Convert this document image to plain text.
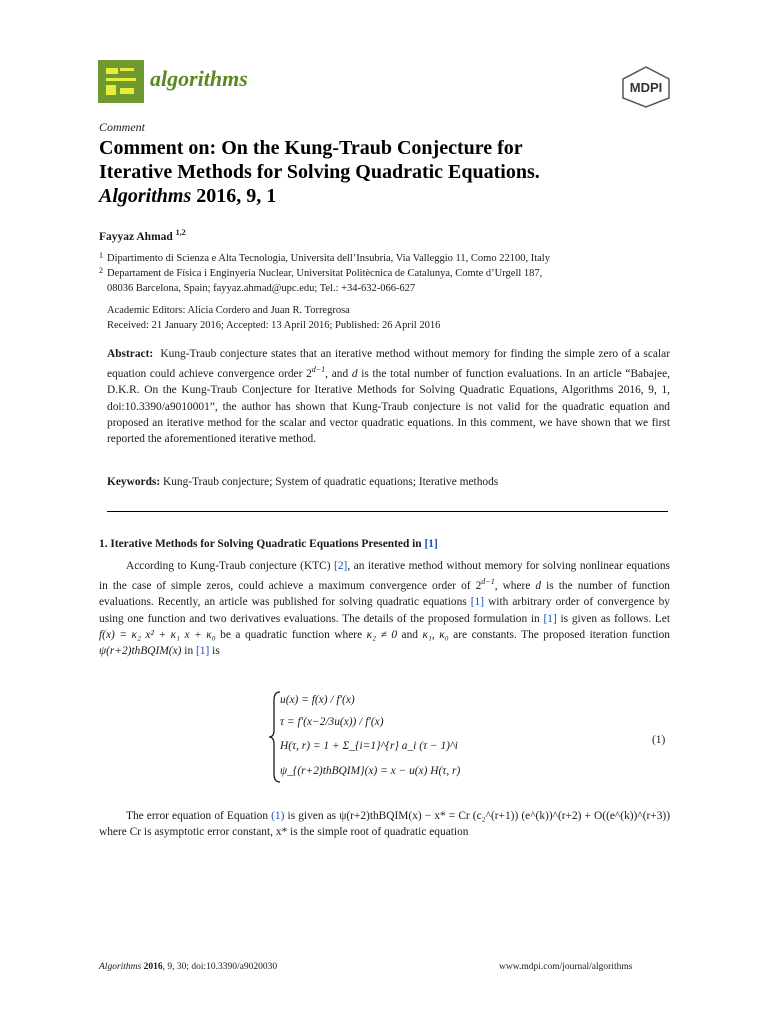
algorithms	MDPI
Comment
Comment on: On the Kung-Traub Conjecture for
Iterative Methods for Solving Quadratic Equations.
Algorithms 2016, 9, 1
Fayyaz Ahmad $^{1,2}$
1 Dipartimento di Scienza e Alta Tecnologia, Universita dell’Insubria, Via Valleggio 11, Como 22100, Italy
2 Departament de Física i Enginyeria Nuclear, Universitat Politècnica de Catalunya, Comte d’Urgell 187,
08036 Barcelona, Spain; fayyaz.ahmad@upc.edu; Tel.: +34-632-066-627
Academic Editors: Alicia Cordero and Juan R. Torregrosa
Received: 21 January 2016; Accepted: 13 April 2016; Published: 26 April 2016
Abstract: Kung-Traub conjecture states that an iterative method without memory for finding the simple zero of a scalar equation could achieve convergence order $2^{d-1}$, and d is the total number of function evaluations. In an article “Babajee, D.K.R. On the Kung-Traub Conjecture for Iterative Methods for Solving Quadratic Equations, Algorithms 2016, 9, 1, doi:10.3390/a9010001”, the author has shown that Kung-Traub conjecture is not valid for the quadratic equation and proposed an iterative method for the scalar and vector quadratic equations. In this comment, we have shown that we first reported the aforementioned iterative method.
Keywords: Kung-Traub conjecture; System of quadratic equations; Iterative methods
1. Iterative Methods for Solving Quadratic Equations Presented in [1]
According to Kung-Traub conjecture (KTC) [2], an iterative method without memory for solving nonlinear equations in the case of simple zeros, could achieve a maximum convergence order of $2^{d-1}$, where d is the number of function evaluations. Recently, an article was published for solving quadratic equations [1] with arbitrary order of convergence by using one function and two derivatives evaluations. The details of the proposed formulation in [1] is given as follows. Let f(x) = κ₂ x² + κ₁ x + κ₀ be a quadratic function where κ₂ ≠ 0 and κ₁, κ₀ are constants. The proposed iteration function ψ(r+2)thBQIM(x) in [1] is
u(x) = f(x) / f′(x)
τ = f′(x−2/3u(x)) / f′(x)
H(τ, r) = 1 + Σ_{i=1}^{r} a_i (τ − 1)^i
ψ_{(r+2)thBQIM}(x) = x − u(x) H(τ, r)
(1)
The error equation of Equation (1) is given as ψ(r+2)thBQIM(x) − x* = Cr (c₂^(r+1)) (e^(k))^(r+2) + O((e^(k))^(r+3)) where Cr is asymptotic error constant, x* is the simple root of quadratic equation
Algorithms 2016, 9, 30; doi:10.3390/a9020030	www.mdpi.com/journal/algorithms
